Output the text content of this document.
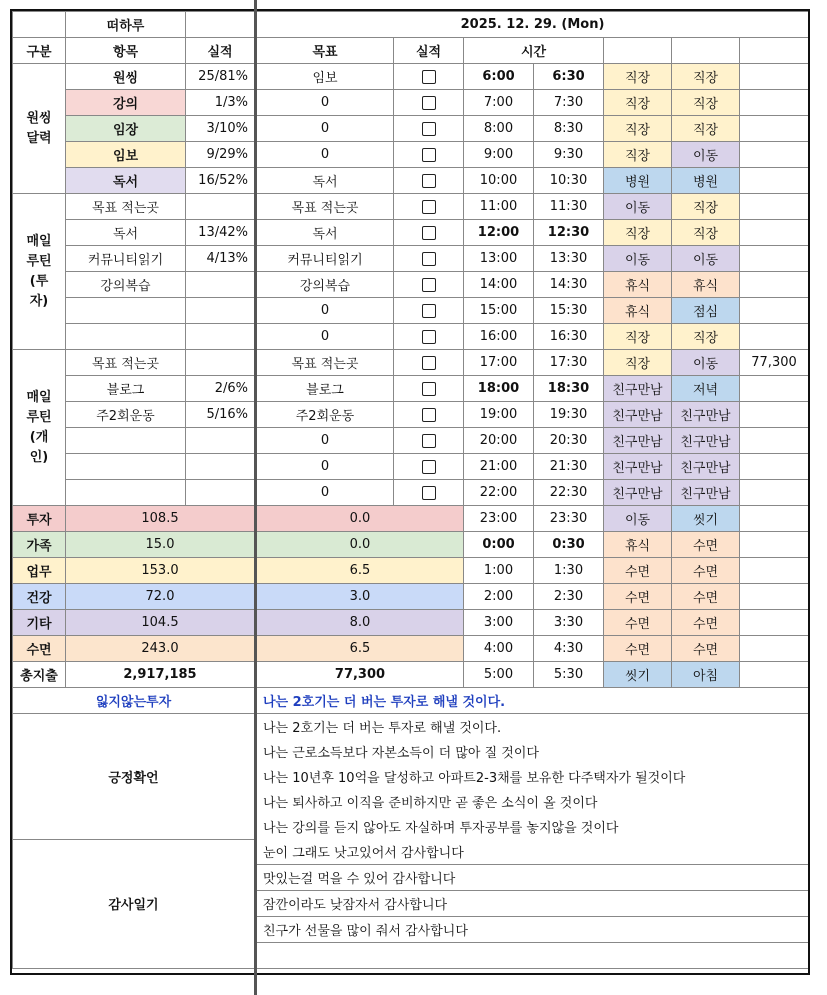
	떠하루		2025. 12. 29. (Mon)						
구분	항목	실적	목표	실적	시간				
원씽
달력	원씽	25/81%	임보		6:00	6:30	직장	직장	
	강의	1/3%	0		7:00	7:30	직장	직장	
	임장	3/10%	0		8:00	8:30	직장	직장	
	임보	9/29%	0		9:00	9:30	직장	이동	
	독서	16/52%	독서		10:00	10:30	병원	병원	
매일
루틴
(투
자)	목표 적는곳		목표 적는곳		11:00	11:30	이동	직장	
	독서	13/42%	독서		12:00	12:30	직장	직장	
	커뮤니티읽기	4/13%	커뮤니티읽기		13:00	13:30	이동	이동	
	강의복습		강의복습		14:00	14:30	휴식	휴식	
			0		15:00	15:30	휴식	점심	
			0		16:00	16:30	직장	직장	
매일
루틴
(개
인)	목표 적는곳		목표 적는곳		17:00	17:30	직장	이동	77,300
	블로그	2/6%	블로그		18:00	18:30	친구만남	저녁	
	주2회운동	5/16%	주2회운동		19:00	19:30	친구만남	친구만남	
			0		20:00	20:30	친구만남	친구만남	
			0		21:00	21:30	친구만남	친구만남	
			0		22:00	22:30	친구만남	친구만남	
투자	108.5		0.0		23:00	23:30	이동	씻기	
가족	15.0		0.0		0:00	0:30	휴식	수면	
업무	153.0		6.5		1:00	1:30	수면	수면	
건강	72.0		3.0		2:00	2:30	수면	수면	
기타	104.5		8.0		3:00	3:30	수면	수면	
수면	243.0		6.5		4:00	4:30	수면	수면	
총지출	2,917,185		77,300		5:00	5:30	씻기	아침	
잃지않는투자			나는 2호기는 더 버는 투자로 해낼 것이다.						
긍정확언			나는 2호기는 더 버는 투자로 해낼 것이다.						
			나는 근로소득보다 자본소득이 더 많아 질 것이다						
			나는 10년후 10억을 달성하고 아파트2-3채를 보유한 다주택자가 될것이다						
			나는 퇴사하고 이직을 준비하지만 곧 좋은 소식이 올 것이다						
			나는 강의를 듣지 않아도 자실하며 투자공부를 놓지않을 것이다						
감사일기			눈이 그래도 낫고있어서 감사합니다						
			맛있는걸 먹을 수 있어 감사합니다						
			잠깐이라도 낮잠자서 감사합니다						
			친구가 선물을 많이 줘서 감사합니다						
